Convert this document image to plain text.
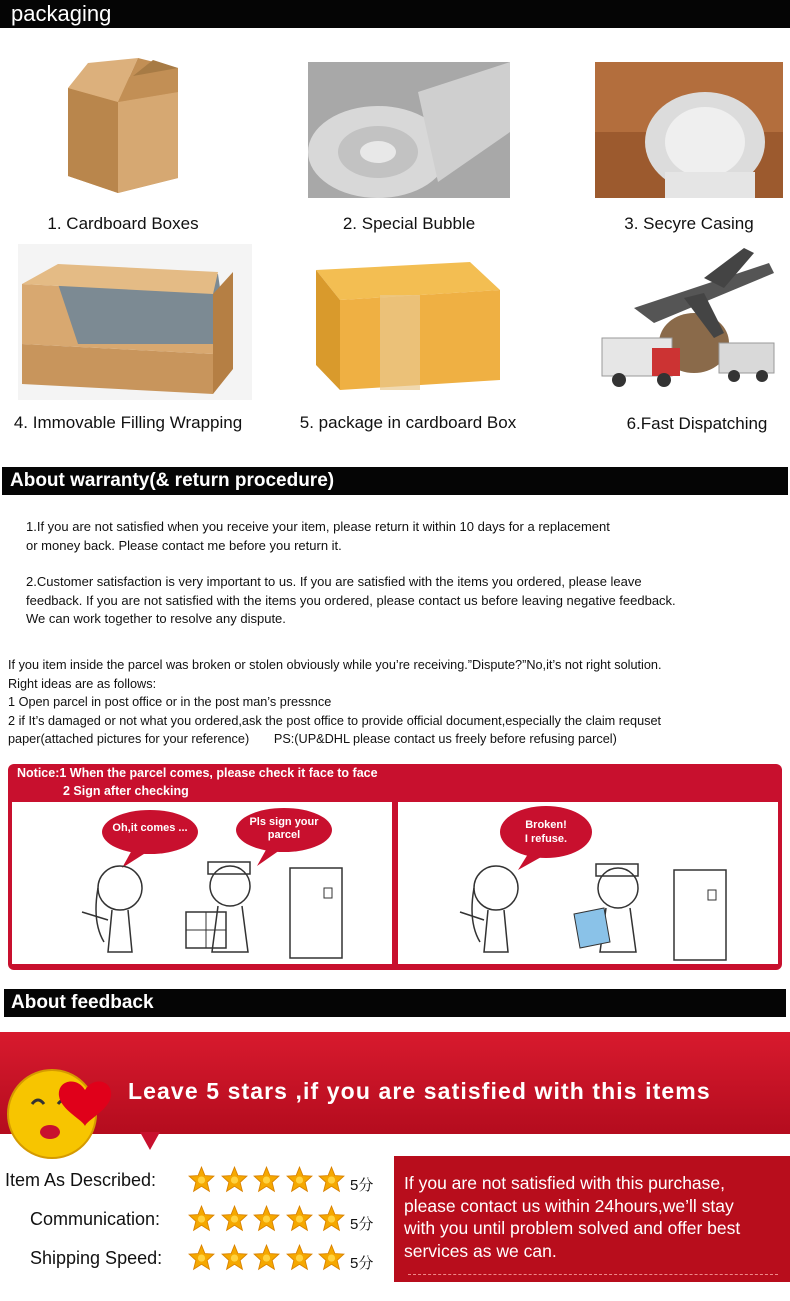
packaging
1. Cardboard Boxes	2. Special Bubble	3. Secyre Casing
4. Immovable Filling Wrapping	5. package in cardboard Box	6.Fast Dispatching
About warranty(& return procedure)
1.If you are not satisfied when you receive your item, please return it within 10 days for a replacement
or money back. Please contact me before you return it.
2.Customer satisfaction is very important to us. If you are satisfied with the items you ordered, please leave
feedback. If you are not satisfied with the items you ordered, please contact us before leaving negative feedback.
We can work together to resolve any dispute.
If you item inside the parcel was broken or stolen obviously while you’re receiving.”Dispute?”No,it’s not right solution.
Right ideas are as follows:
1 Open parcel in post office or in the post man’s pressnce
2 if It’s damaged or not what you ordered,ask the post office to provide official document,especially the claim requset
paper(attached pictures for your reference)       PS:(UP&DHL please contact us freely before refusing parcel)
Notice:1 When the parcel comes, please check it face to face
2 Sign after checking
Oh,it comes ...	Pls sign your
parcel
Broken!
I refuse.
About feedback
Leave 5 stars ,if you are satisfied with this items
Item As Described:	5分
Communication:	5分
Shipping Speed:	5分
If you are not satisfied with this purchase,
please contact us within 24hours,we’ll stay
with you until problem solved and offer best
services as we can.
